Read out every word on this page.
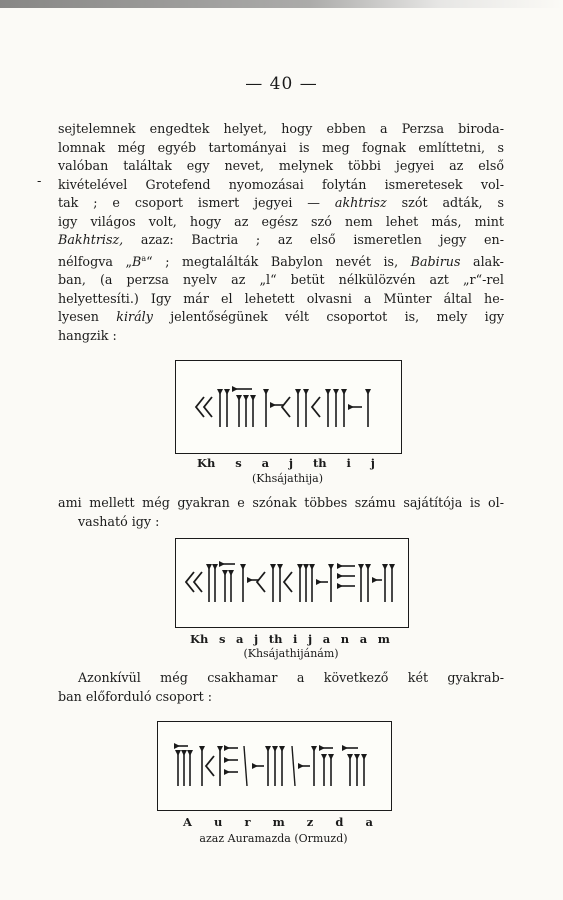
— 40 —
-
sejtelemnek engedtek helyet, hogy ebben a Perzsa biroda-
lomnak még egyéb tartományai is meg fognak említtetni, s
valóban találtak egy nevet, melynek többi jegyei az első
kivételével Grotefend nyomozásai folytán ismeretesek vol-
tak ; e csoport ismert jegyei — akhtrisz szót adták, s
igy világos volt, hogy az egész szó nem lehet más, mint
Bakhtrisz, azaz: Bactria ; az első ismeretlen jegy en-
nélfogva $„B^a“$ ; megtalálták Babylon nevét is, Babirus alak-
ban, (a perzsa nyelv az „l“ betüt nélkülözvén azt „r“-rel
helyettesíti.) Igy már el lehetett olvasni a Münter által he-
lyesen király jelentőségünek vélt csoportot is, mely igy
hangzik :
Kh s a j th i j
(Khsájathija)
ami mellett még gyakran e szónak többes számu sajátítója is ol-
vasható igy :
Kh s a j th i j a n a m
(Khsájathijánám)
Azonkívül még csakhamar a következő két gyakrab-
ban előforduló csoport :
A u r m z d a
azaz Auramazda (Ormuzd)
